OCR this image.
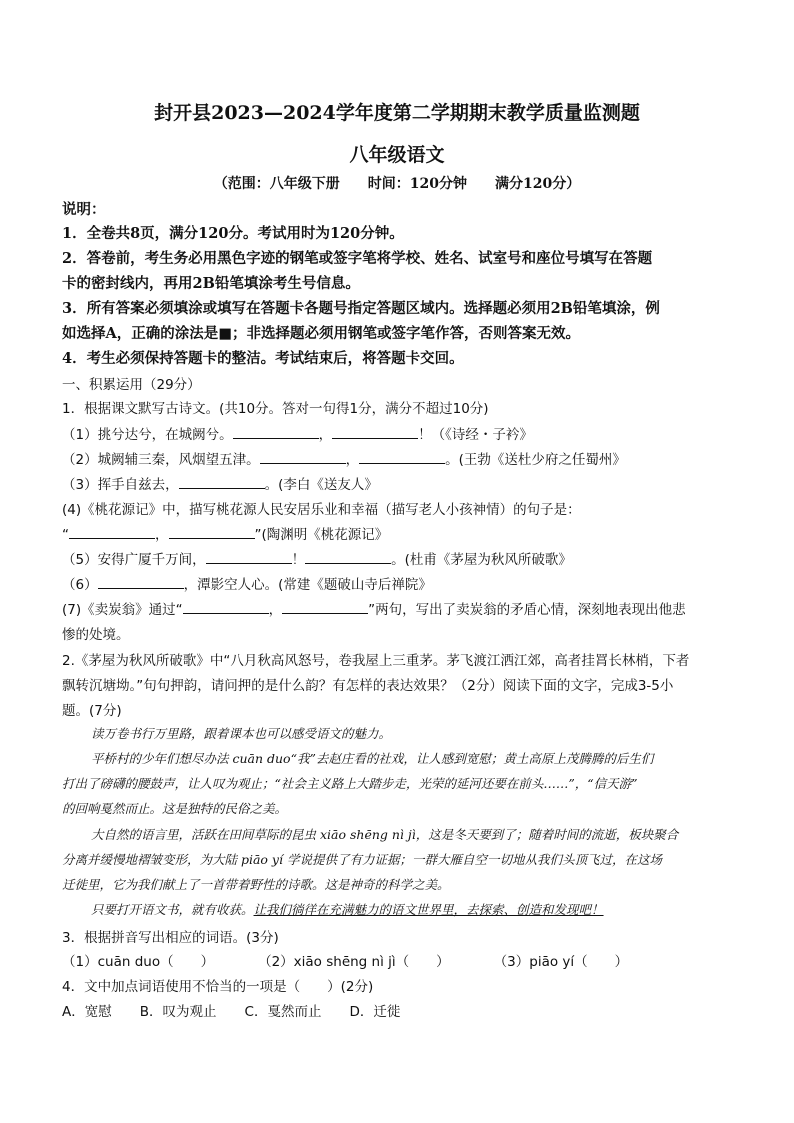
封开县2023—2024学年度第二学期期末教学质量监测题
八年级语文
（范围：八年级下册　　时间：120分钟　　满分120分）
说明：
1．全卷共8页，满分120分。考试用时为120分钟。
2．答卷前，考生务必用黑色字迹的钢笔或签字笔将学校、姓名、试室号和座位号填写在答题
卡的密封线内，再用2B铅笔填涂考生号信息。
3．所有答案必须填涂或填写在答题卡各题号指定答题区域内。选择题必须用2B铅笔填涂，例
如选择A，正确的涂法是■；非选择题必须用钢笔或签字笔作答，否则答案无效。
4．考生必须保持答题卡的整洁。考试结束后，将答题卡交回。
一、积累运用（29分）
1．根据课文默写古诗文。(共10分。答对一句得1分，满分不超过10分)
（1）挑兮达兮，在城阙兮。	，	！（《诗经・子衿》
（2）城阙辅三秦，风烟望五津。	，	。(王勃《送杜少府之任蜀州》
（3）挥手自兹去，	。(李白《送友人》
(4)《桃花源记》中，描写桃花源人民安居乐业和幸福（描写老人小孩神情）的句子是：
“	，	”(陶渊明《桃花源记》
（5）安得广厦千万间，	！	。(杜甫《茅屋为秋风所破歌》
（6）	，潭影空人心。(常建《题破山寺后禅院》
(7)《卖炭翁》通过“	，	”两句，写出了卖炭翁的矛盾心情，深刻地表现出他悲
惨的处境。
2.《茅屋为秋风所破歌》中“八月秋高风怒号，卷我屋上三重茅。茅飞渡江洒江郊，高者挂罥长林梢，下者
飘转沉塘坳。”句句押韵，请问押的是什么韵？有怎样的表达效果？（2分）阅读下面的文字，完成3-5小
题。(7分)
读万卷书行万里路，跟着课本也可以感受语文的魅力。
平桥村的少年们想尽办法 cuān duo“我”去赵庄看的社戏，让人感到宽慰；黄土高原上茂腾腾的后生们
打出了磅礴的腰鼓声，让人叹为观止；“社会主义路上大踏步走，光荣的延河还要在前头……”，“信天游”
的回响戛然而止。这是独特的民俗之美。
大自然的语言里，活跃在田间草际的昆虫 xiāo shēng nì jì，这是冬天要到了；随着时间的流逝，板块聚合
分离并缓慢地褶皱变形，为大陆 piāo yí 学说提供了有力证据；一群大雁自空一切地从我们头顶飞过，在这场
迁徙里，它为我们献上了一首带着野性的诗歌。这是神奇的科学之美。
只要打开语文书，就有收获。让我们徜徉在充满魅力的语文世界里，去探索、创造和发现吧！
3．根据拼音写出相应的词语。(3分)
（1）cuān duo（　　）	（2）xiāo shēng nì jì（　　）	（3）piāo yí（　　）
4．文中加点词语使用不恰当的一项是（　　）(2分)
A．宽慰 B．叹为观止 C．戛然而止 D．迁徙
